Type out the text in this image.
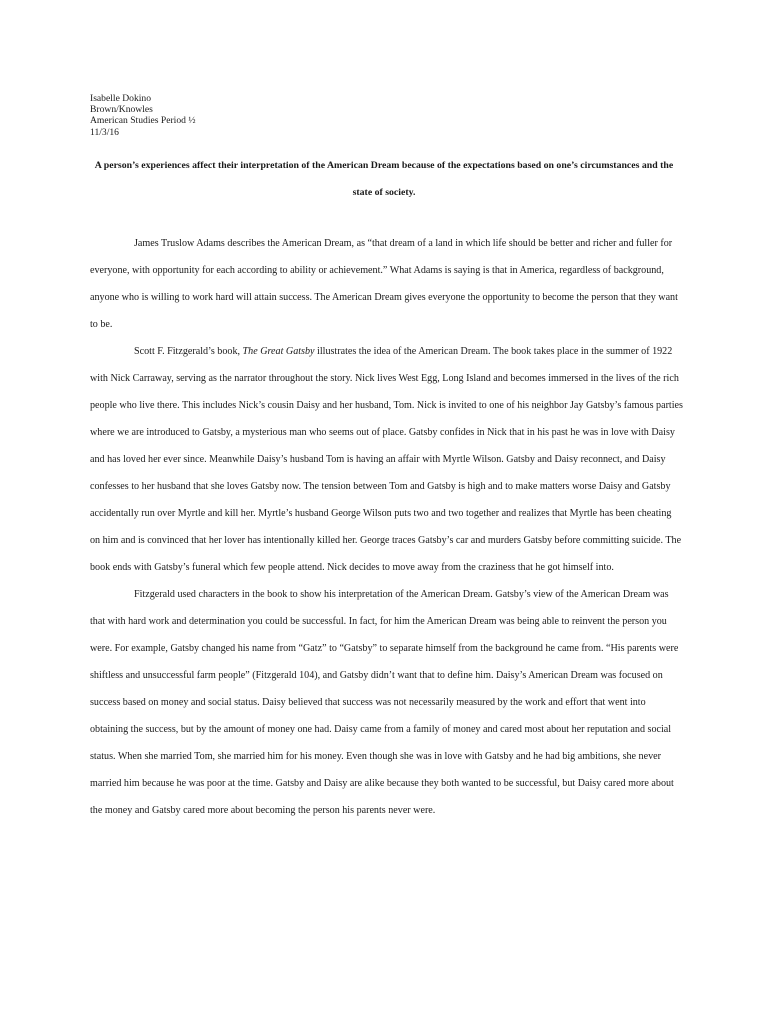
Isabelle Dokino
Brown/Knowles
American Studies Period ½
11/3/16
A person’s experiences affect their interpretation of the American Dream because of the expectations based on one’s circumstances and the state of society.

James Truslow Adams describes the American Dream, as “that dream of a land in which life should be better and richer and fuller for everyone, with opportunity for each according to ability or achievement.” What Adams is saying is that in America, regardless of background, anyone who is willing to work hard will attain success. The American Dream gives everyone the opportunity to become the person that they want to be.

Scott F. Fitzgerald’s book, The Great Gatsby illustrates the idea of the American Dream. The book takes place in the summer of 1922 with Nick Carraway, serving as the narrator throughout the story. Nick lives West Egg, Long Island and becomes immersed in the lives of the rich people who live there. This includes Nick’s cousin Daisy and her husband, Tom. Nick is invited to one of his neighbor Jay Gatsby’s famous parties where we are introduced to Gatsby, a mysterious man who seems out of place. Gatsby confides in Nick that in his past he was in love with Daisy and has loved her ever since. Meanwhile Daisy’s husband Tom is having an affair with Myrtle Wilson. Gatsby and Daisy reconnect, and Daisy confesses to her husband that she loves Gatsby now. The tension between Tom and Gatsby is high and to make matters worse Daisy and Gatsby accidentally run over Myrtle and kill her. Myrtle’s husband George Wilson puts two and two together and realizes that Myrtle has been cheating on him and is convinced that her lover has intentionally killed her. George traces Gatsby’s car and murders Gatsby before committing suicide. The book ends with Gatsby’s funeral which few people attend. Nick decides to move away from the craziness that he got himself into.

Fitzgerald used characters in the book to show his interpretation of the American Dream. Gatsby’s view of the American Dream was that with hard work and determination you could be successful. In fact, for him the American Dream was being able to reinvent the person you were. For example, Gatsby changed his name from “Gatz” to “Gatsby” to separate himself from the background he came from. “His parents were shiftless and unsuccessful farm people” (Fitzgerald 104), and Gatsby didn’t want that to define him. Daisy’s American Dream was focused on success based on money and social status. Daisy believed that success was not necessarily measured by the work and effort that went into obtaining the success, but by the amount of money one had. Daisy came from a family of money and cared most about her reputation and social status. When she married Tom, she married him for his money. Even though she was in love with Gatsby and he had big ambitions, she never married him because he was poor at the time. Gatsby and Daisy are alike because they both wanted to be successful, but Daisy cared more about the money and Gatsby cared more about becoming the person his parents never were.
